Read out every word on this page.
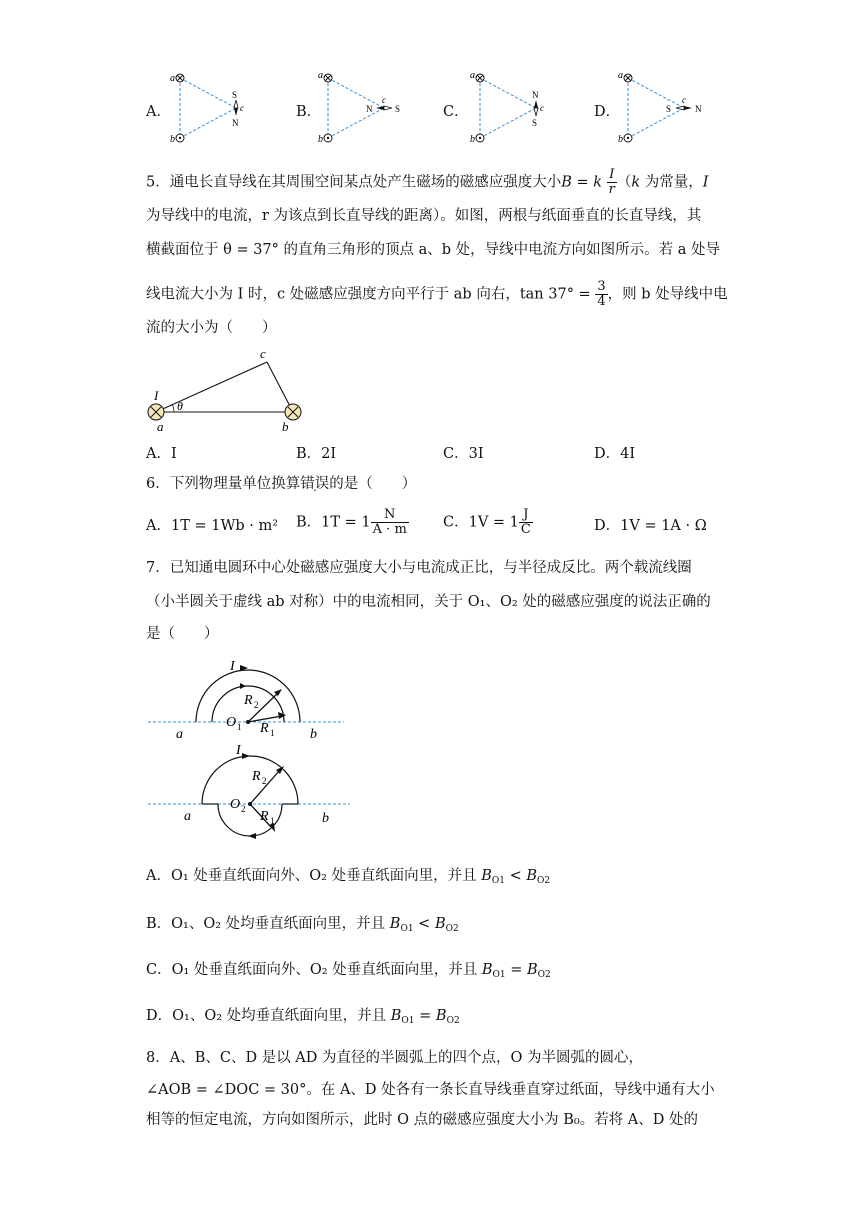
A．
a
b
S
N
c	B．
a
b
N	S
c
C．
a
b
N
S
c	D．
a
b
S	N
c
5．通电长直导线在其周围空间某点处产生磁场的磁感应强度大小B = k $\frac{I}{r} (k$ 为常量，I
为导线中的电流，r 为该点到长直导线的距离）。如图，两根与纸面垂直的长直导线，其
横截面位于 θ = 37° 的直角三角形的顶点 a、b 处，导线中电流方向如图所示。若 a 处导
线电流大小为 I 时，c 处磁感应强度方向平行于 ab 向右，$\tan 37^\circ = \frac{3}{4}$ ，则 b 处导线中电
流的大小为（　　）
I
θ
a	b
c
A．I	B．2I	C．3I	D．4I
6．下列物理量单位换算错误的是（　　）
A．1T = 1Wb · m² B．$1T = 1 \frac{N}{A \cdot m}$ C．$1V = 1 \frac{J}{C}$	D．1V = 1A · Ω
7．已知通电圆环中心处磁感应强度大小与电流成正比，与半径成反比。两个载流线圈
（小半圆关于虚线 ab 对称）中的电流相同，关于 O₁、O₂ 处的磁感应强度的说法正确的
是（　　）
I
R 2
R 1
O 1
a	b
I
R 2
R 1
O 2
a	b
A．O₁ 处垂直纸面向外、O₂ 处垂直纸面向里，并且 $B_{O1} < B_{O2}$
B．O₁、O₂ 处均垂直纸面向里，并且 $B_{O1} < B_{O2}$
C．O₁ 处垂直纸面向外、O₂ 处垂直纸面向里，并且 $B_{O1} = B_{O2}$
D．O₁、O₂ 处均垂直纸面向里，并且 $B_{O1} = B_{O2}$
8．A、B、C、D 是以 AD 为直径的半圆弧上的四个点，O 为半圆弧的圆心，
∠AOB = ∠DOC = 30°。在 A、D 处各有一条长直导线垂直穿过纸面，导线中通有大小
相等的恒定电流，方向如图所示，此时 O 点的磁感应强度大小为 B₀。若将 A、D 处的
